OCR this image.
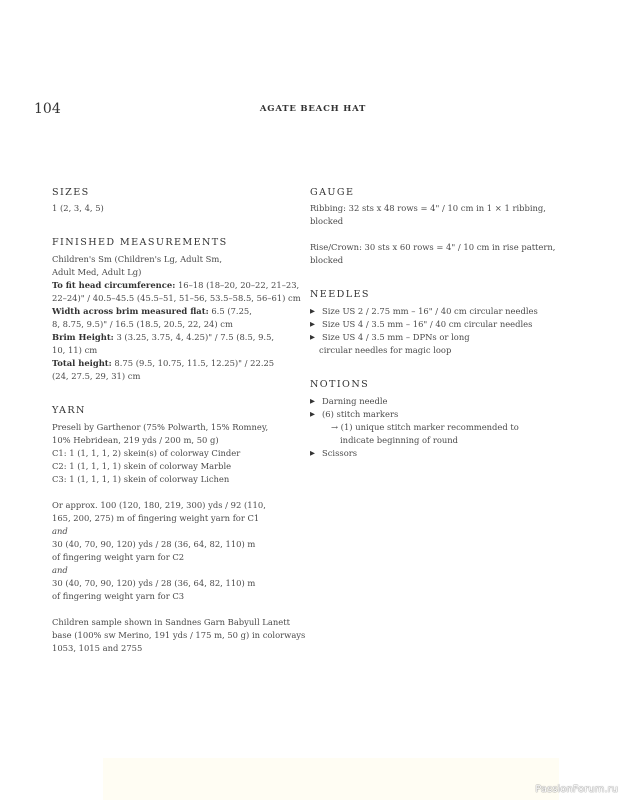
104	AGATE BEACH HAT
SIZES
1 (2, 3, 4, 5)
FINISHED MEASUREMENTS
Children's Sm (Children's Lg, Adult Sm,
Adult Med, Adult Lg)
To fit head circumference: 16–18 (18–20, 20–22, 21–23,
22–24)" / 40.5–45.5 (45.5–51, 51–56, 53.5–58.5, 56–61) cm
Width across brim measured flat: 6.5 (7.25,
8, 8.75, 9.5)" / 16.5 (18.5, 20.5, 22, 24) cm
Brim Height: 3 (3.25, 3.75, 4, 4.25)" / 7.5 (8.5, 9.5,
10, 11) cm
Total height: 8.75 (9.5, 10.75, 11.5, 12.25)" / 22.25
(24, 27.5, 29, 31) cm
YARN
Preseli by Garthenor (75% Polwarth, 15% Romney,
10% Hebridean, 219 yds / 200 m, 50 g)
C1: 1 (1, 1, 1, 2) skein(s) of colorway Cinder
C2: 1 (1, 1, 1, 1) skein of colorway Marble
C3: 1 (1, 1, 1, 1) skein of colorway Lichen
Or approx. 100 (120, 180, 219, 300) yds / 92 (110,
165, 200, 275) m of fingering weight yarn for C1
and
30 (40, 70, 90, 120) yds / 28 (36, 64, 82, 110) m
of fingering weight yarn for C2
and
30 (40, 70, 90, 120) yds / 28 (36, 64, 82, 110) m
of fingering weight yarn for C3
Children sample shown in Sandnes Garn Babyull Lanett
base (100% sw Merino, 191 yds / 175 m, 50 g) in colorways
1053, 1015 and 2755
GAUGE
Ribbing: 32 sts x 48 rows = 4" / 10 cm in 1 × 1 ribbing,
blocked
Rise/Crown: 30 sts x 60 rows = 4" / 10 cm in rise pattern,
blocked
NEEDLES
▶ Size US 2 / 2.75 mm – 16" / 40 cm circular needles
▶ Size US 4 / 3.5 mm – 16" / 40 cm circular needles
▶ Size US 4 / 3.5 mm – DPNs or long
circular needles for magic loop
NOTIONS
▶ Darning needle
▶ (6) stitch markers
→ (1) unique stitch marker recommended to
indicate beginning of round
▶ Scissors
PassionForum.ru
